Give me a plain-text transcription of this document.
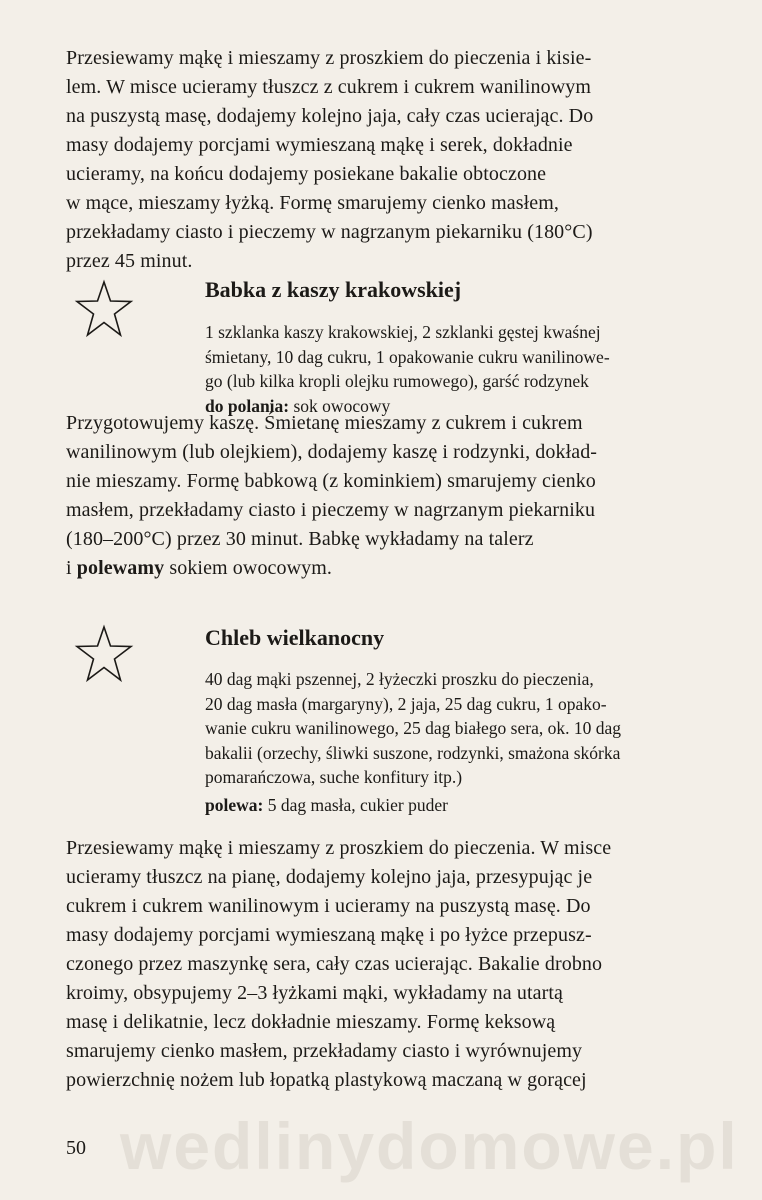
Przesiewamy mąkę i mieszamy z proszkiem do pieczenia i kisie-
lem. W misce ucieramy tłuszcz z cukrem i cukrem wanilinowym
na puszystą masę, dodajemy kolejno jaja, cały czas ucierając. Do
masy dodajemy porcjami wymieszaną mąkę i serek, dokładnie
ucieramy, na końcu dodajemy posiekane bakalie obtoczone
w mące, mieszamy łyżką. Formę smarujemy cienko masłem,
przekładamy ciasto i pieczemy w nagrzanym piekarniku (180°C)
przez 45 minut.
Babka z kaszy krakowskiej
1 szklanka kaszy krakowskiej, 2 szklanki gęstej kwaśnej
śmietany, 10 dag cukru, 1 opakowanie cukru wanilinowe-
go (lub kilka kropli olejku rumowego), garść rodzynek
do polania: sok owocowy
Przygotowujemy kaszę. Śmietanę mieszamy z cukrem i cukrem
wanilinowym (lub olejkiem), dodajemy kaszę i rodzynki, dokład-
nie mieszamy. Formę babkową (z kominkiem) smarujemy cienko
masłem, przekładamy ciasto i pieczemy w nagrzanym piekarniku
(180–200°C) przez 30 minut. Babkę wykładamy na talerz
i polewamy sokiem owocowym.
Chleb wielkanocny
40 dag mąki pszennej, 2 łyżeczki proszku do pieczenia,
20 dag masła (margaryny), 2 jaja, 25 dag cukru, 1 opako-
wanie cukru wanilinowego, 25 dag białego sera, ok. 10 dag
bakalii (orzechy, śliwki suszone, rodzynki, smażona skórka
pomarańczowa, suche konfitury itp.)
polewa: 5 dag masła, cukier puder
Przesiewamy mąkę i mieszamy z proszkiem do pieczenia. W misce
ucieramy tłuszcz na pianę, dodajemy kolejno jaja, przesypując je
cukrem i cukrem wanilinowym i ucieramy na puszystą masę. Do
masy dodajemy porcjami wymieszaną mąkę i po łyżce przepusz-
czonego przez maszynkę sera, cały czas ucierając. Bakalie drobno
kroimy, obsypujemy 2–3 łyżkami mąki, wykładamy na utartą
masę i delikatnie, lecz dokładnie mieszamy. Formę keksową
smarujemy cienko masłem, przekładamy ciasto i wyrównujemy
powierzchnię nożem lub łopatką plastykową maczaną w gorącej
wedlinydomowe.pl
50
